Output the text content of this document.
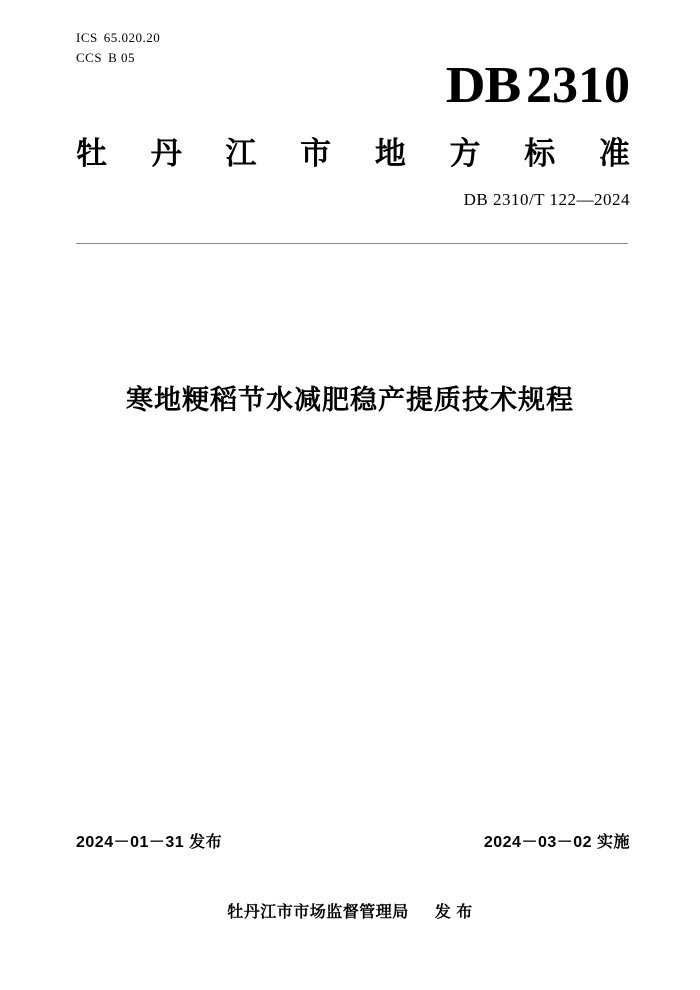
ICS 65.020.20
CCS B 05	DB 2310
牡 丹 江 市 地 方 标 准
DB 2310/T 122—2024
寒地粳稻节水减肥稳产提质技术规程
2024－01－31 发布	2024－03－02 实施
牡丹江市市场监督管理局 发 布
